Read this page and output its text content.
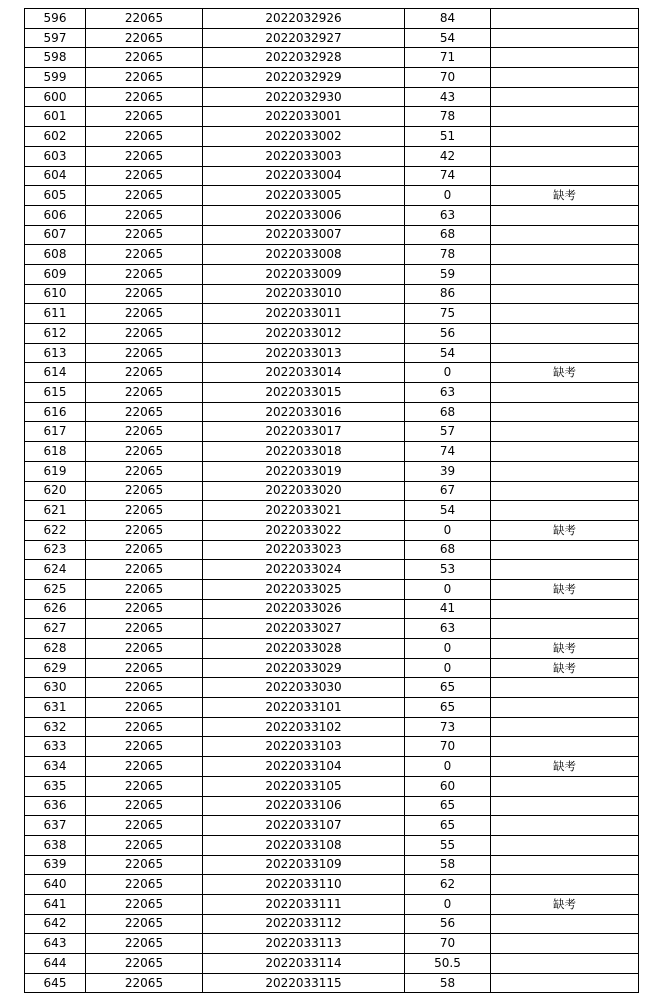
596	22065	2022032926	84	
597	22065	2022032927	54	
598	22065	2022032928	71	
599	22065	2022032929	70	
600	22065	2022032930	43	
601	22065	2022033001	78	
602	22065	2022033002	51	
603	22065	2022033003	42	
604	22065	2022033004	74	
605	22065	2022033005	0	缺考
606	22065	2022033006	63	
607	22065	2022033007	68	
608	22065	2022033008	78	
609	22065	2022033009	59	
610	22065	2022033010	86	
611	22065	2022033011	75	
612	22065	2022033012	56	
613	22065	2022033013	54	
614	22065	2022033014	0	缺考
615	22065	2022033015	63	
616	22065	2022033016	68	
617	22065	2022033017	57	
618	22065	2022033018	74	
619	22065	2022033019	39	
620	22065	2022033020	67	
621	22065	2022033021	54	
622	22065	2022033022	0	缺考
623	22065	2022033023	68	
624	22065	2022033024	53	
625	22065	2022033025	0	缺考
626	22065	2022033026	41	
627	22065	2022033027	63	
628	22065	2022033028	0	缺考
629	22065	2022033029	0	缺考
630	22065	2022033030	65	
631	22065	2022033101	65	
632	22065	2022033102	73	
633	22065	2022033103	70	
634	22065	2022033104	0	缺考
635	22065	2022033105	60	
636	22065	2022033106	65	
637	22065	2022033107	65	
638	22065	2022033108	55	
639	22065	2022033109	58	
640	22065	2022033110	62	
641	22065	2022033111	0	缺考
642	22065	2022033112	56	
643	22065	2022033113	70	
644	22065	2022033114	50.5	
645	22065	2022033115	58	
